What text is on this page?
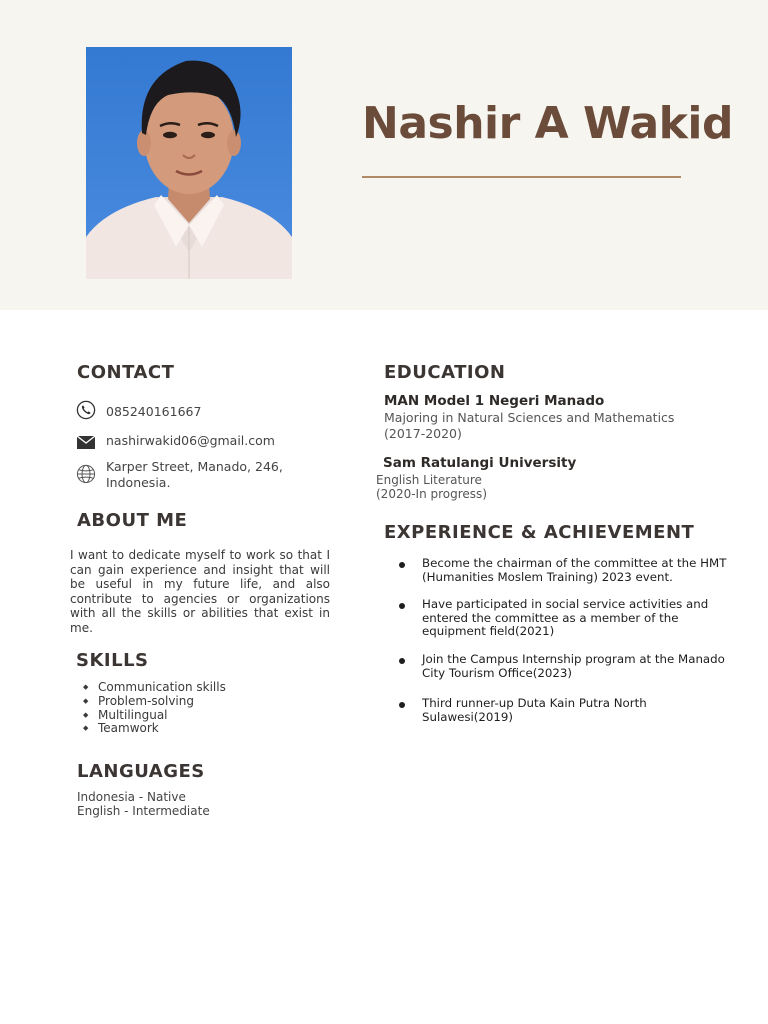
Nashir A Wakid
CONTACT
085240161667
nashirwakid06@gmail.com
Karper Street, Manado, 246,
Indonesia.
ABOUT ME
I want to dedicate myself to work so that I can gain experience and insight that will be useful in my future life, and also contribute to agencies or organizations with all the skills or abilities that exist in me.
SKILLS
◆ Communication skills
◆ Problem-solving
◆ Multilingual
◆ Teamwork
LANGUAGES
Indonesia - Native
English - Intermediate
EDUCATION
MAN Model 1 Negeri Manado
Majoring in Natural Sciences and Mathematics
(2017-2020)
Sam Ratulangi University
English Literature
(2020-In progress)
EXPERIENCE & ACHIEVEMENT
Become the chairman of the committee at the HMT (Humanities Moslem Training) 2023 event.
Have participated in social service activities and entered the committee as a member of the equipment field(2021)
Join the Campus Internship program at the Manado City Tourism Office(2023)
Third runner-up Duta Kain Putra North Sulawesi(2019)
